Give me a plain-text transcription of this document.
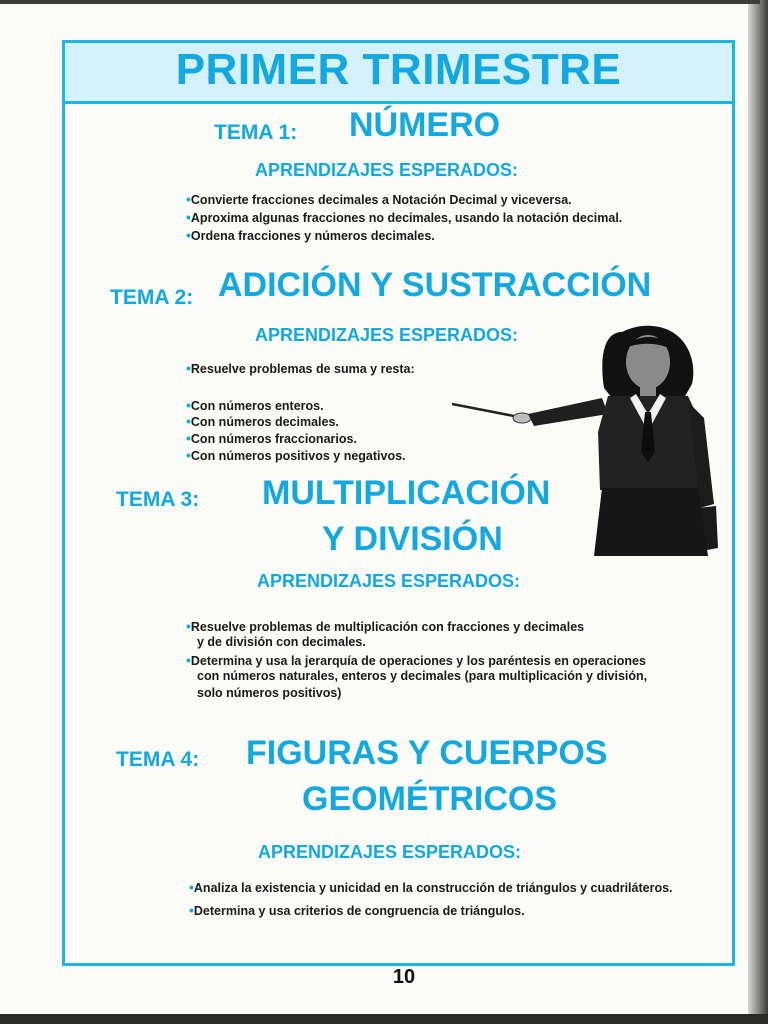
PRIMER TRIMESTRE
TEMA 1: NÚMERO
APRENDIZAJES ESPERADOS:
•Convierte fracciones decimales a Notación Decimal y viceversa.
•Aproxima algunas fracciones no decimales, usando la notación decimal.
•Ordena fracciones y números decimales.
TEMA 2: ADICIÓN Y SUSTRACCIÓN
APRENDIZAJES ESPERADOS:
•Resuelve problemas de suma y resta:
•Con números enteros.
•Con números decimales.
•Con números fraccionarios.
•Con números positivos y negativos.
TEMA 3: MULTIPLICACIÓN
Y DIVISIÓN
APRENDIZAJES ESPERADOS:
•Resuelve problemas de multiplicación con fracciones y decimales
y de división con decimales.
•Determina y usa la jerarquía de operaciones y los paréntesis en operaciones
con números naturales, enteros y decimales (para multiplicación y división,
solo números positivos)
TEMA 4: FIGURAS Y CUERPOS
GEOMÉTRICOS
APRENDIZAJES ESPERADOS:
•Analiza la existencia y unicidad en la construcción de triángulos y cuadriláteros.
•Determina y usa criterios de congruencia de triángulos.
10
